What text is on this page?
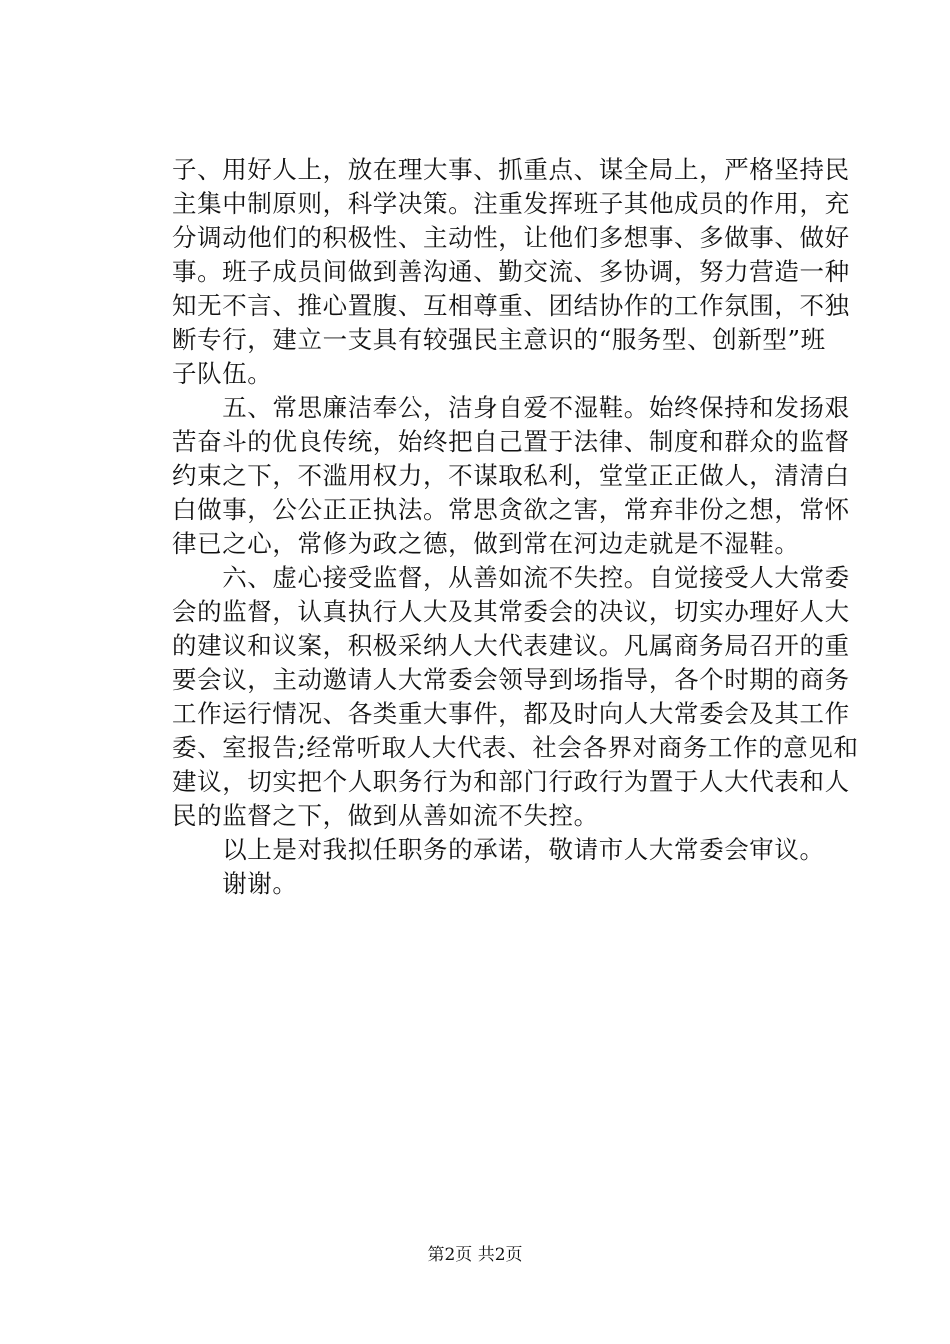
子、用好人上，放在理大事、抓重点、谋全局上，严格坚持民
主集中制原则，科学决策。注重发挥班子其他成员的作用，充
分调动他们的积极性、主动性，让他们多想事、多做事、做好
事。班子成员间做到善沟通、勤交流、多协调，努力营造一种
知无不言、推心置腹、互相尊重、团结协作的工作氛围，不独
断专行，建立一支具有较强民主意识的“服务型、创新型”班
子队伍。
　　五、常思廉洁奉公，洁身自爱不湿鞋。始终保持和发扬艰
苦奋斗的优良传统，始终把自己置于法律、制度和群众的监督
约束之下，不滥用权力，不谋取私利，堂堂正正做人，清清白
白做事，公公正正执法。常思贪欲之害，常弃非份之想，常怀
律已之心，常修为政之德，做到常在河边走就是不湿鞋。
　　六、虚心接受监督，从善如流不失控。自觉接受人大常委
会的监督，认真执行人大及其常委会的决议，切实办理好人大
的建议和议案，积极采纳人大代表建议。凡属商务局召开的重
要会议，主动邀请人大常委会领导到场指导，各个时期的商务
工作运行情况、各类重大事件，都及时向人大常委会及其工作
委、室报告;经常听取人大代表、社会各界对商务工作的意见和
建议，切实把个人职务行为和部门行政行为置于人大代表和人
民的监督之下，做到从善如流不失控。
　　以上是对我拟任职务的承诺，敬请市人大常委会审议。
　　谢谢。
第2页 共2页
